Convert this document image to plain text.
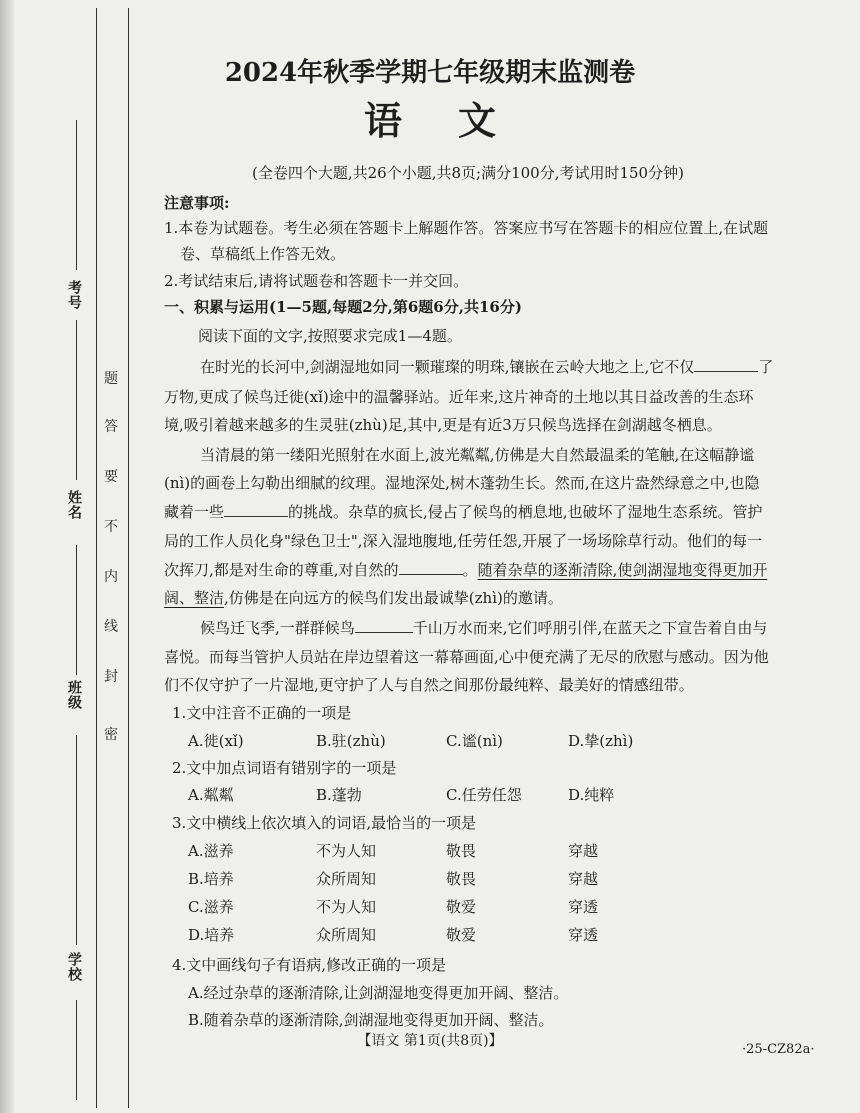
考号
姓名
班级
学校
密
封
线
内
不
要
答
题
2024年秋季学期七年级期末监测卷
语文
(全卷四个大题,共26个小题,共8页;满分100分,考试用时150分钟)
注意事项:
1.本卷为试题卷。考生必须在答题卡上解题作答。答案应书写在答题卡的相应位置上,在试题
卷、草稿纸上作答无效。
2.考试结束后,请将试题卷和答题卡一并交回。
一、积累与运用(1—5题,每题2分,第6题6分,共16分)
阅读下面的文字,按照要求完成1—4题。
在时光的长河中,剑湖湿地如同一颗璀璨的明珠,镶嵌在云岭大地之上,它不仅	了
万物,更成了候鸟迁徙(xǐ)途中的温馨驿站。近年来,这片神奇的土地以其日益改善的生态环
境,吸引着越来越多的生灵驻(zhù)足,其中,更是有近3万只候鸟选择在剑湖越冬栖息。
当清晨的第一缕阳光照射在水面上,波光粼粼,仿佛是大自然最温柔的笔触,在这幅静谧
(nì)的画卷上勾勒出细腻的纹理。湿地深处,树木蓬勃生长。然而,在这片盎然绿意之中,也隐
藏着一些	的挑战。杂草的疯长,侵占了候鸟的栖息地,也破坏了湿地生态系统。管护
局的工作人员化身"绿色卫士",深入湿地腹地,任劳任怨,开展了一场场除草行动。他们的每一
次挥刀,都是对生命的尊重,对自然的	。随着杂草的逐渐清除,使剑湖湿地变得更加开
阔、整洁,仿佛是在向远方的候鸟们发出最诚挚(zhì)的邀请。
候鸟迁飞季,一群群候鸟	千山万水而来,它们呼朋引伴,在蓝天之下宣告着自由与
喜悦。而每当管护人员站在岸边望着这一幕幕画面,心中便充满了无尽的欣慰与感动。因为他
们不仅守护了一片湿地,更守护了人与自然之间那份最纯粹、最美好的情感纽带。
1.文中注音不正确的一项是
A.徙(xǐ)	B.驻(zhù)	C.谧(nì)	D.挚(zhì)
2.文中加点词语有错别字的一项是
A.粼粼	B.蓬勃	C.任劳任怨	D.纯粹
3.文中横线上依次填入的词语,最恰当的一项是
A.滋养	不为人知	敬畏	穿越
B.培养	众所周知	敬畏	穿越
C.滋养	不为人知	敬爱	穿透
D.培养	众所周知	敬爱	穿透
4.文中画线句子有语病,修改正确的一项是
A.经过杂草的逐渐清除,让剑湖湿地变得更加开阔、整洁。
B.随着杂草的逐渐清除,剑湖湿地变得更加开阔、整洁。
【语文 第1页(共8页)】
·25-CZ82a·
